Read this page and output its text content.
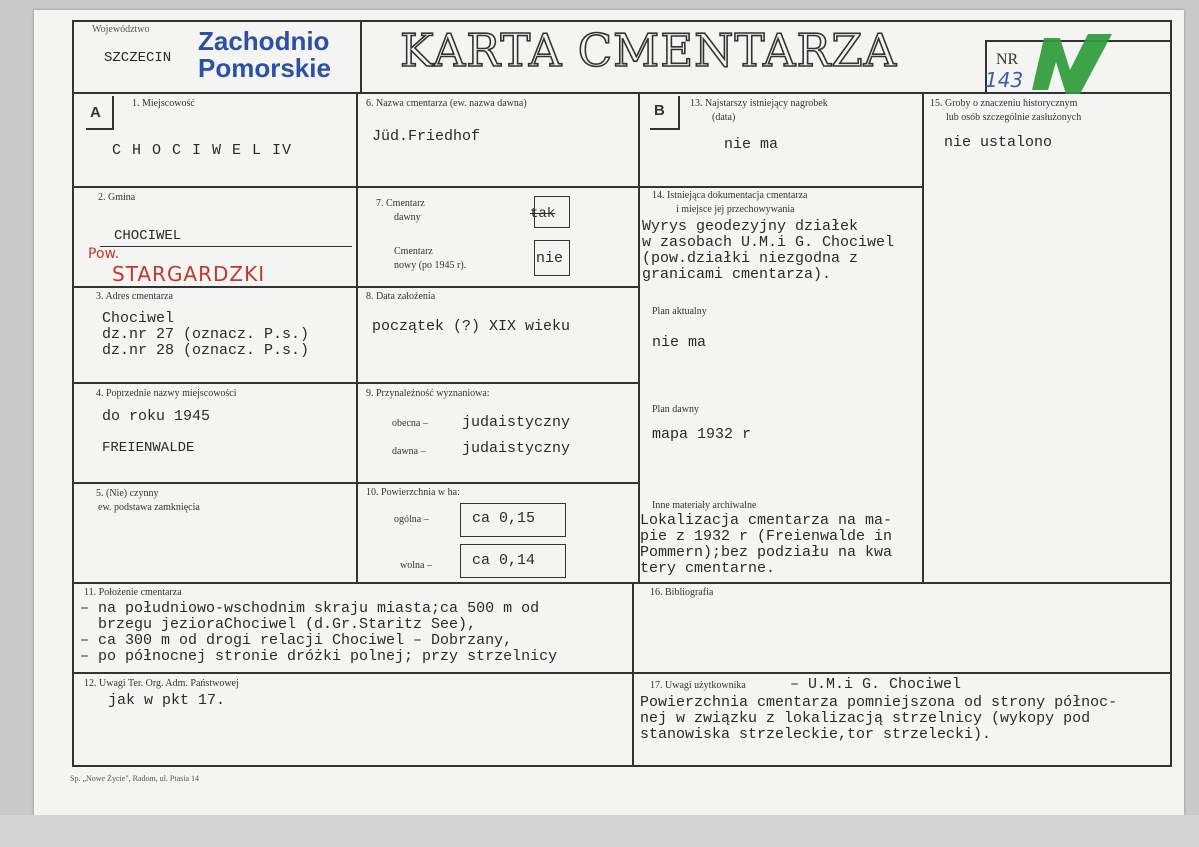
Województwo
SZCZECIN
Zachodnio
Pomorskie KARTA CMENTARZA	NR
143
A	B
1. Miejscowość
C H O C I W E L IV
2. Gmina
CHOCIWEL
Pow.
STARGARDZKI
3. Adres cmentarza
Chociwel
dz.nr 27 (oznacz. P.s.)
dz.nr 28 (oznacz. P.s.)
4. Poprzednie nazwy miejscowości
do roku 1945
FREIENWALDE
5. (Nie) czynny
ew. podstawa zamknięcia
6. Nazwa cmentarza (ew. nazwa dawna)
Jüd.Friedhof
7. Cmentarz
dawny	tak
Cmentarz
nowy (po 1945 r).	nie
8. Data założenia
początek (?) XIX wieku
9. Przynależność wyznaniowa:
obecna – judaistyczny
dawna – judaistyczny
10. Powierzchnia w ha:
ogólna –	ca 0,15
wolna –	ca 0,14
13. Najstarszy istniejący nagrobek
(data)
nie ma
14. Istniejąca dokumentacja cmentarza
i miejsce jej przechowywania
Wyrys geodezyjny działek
w zasobach U.M.i G. Chociwel
(pow.działki niezgodna z
granicami cmentarza).
Plan aktualny
nie ma
Plan dawny
mapa 1932 r
Inne materiały archiwalne
Lokalizacja cmentarza na ma-
pie z 1932 r (Freienwalde in
Pommern);bez podziału na kwa
tery cmentarne.
15. Groby o znaczeniu historycznym
lub osób szczególnie zasłużonych
nie ustalono
11. Położenie cmentarza
– na południowo-wschodnim skraju miasta;ca 500 m od
brzegu jezioraChociwel (d.Gr.Staritz See),
– ca 300 m od drogi relacji Chociwel – Dobrzany,
– po północnej stronie dróżki polnej; przy strzelnicy
16. Bibliografia
12. Uwagi Ter. Org. Adm. Państwowej
jak w pkt 17.
17. Uwagi użytkownika	– U.M.i G. Chociwel
Powierzchnia cmentarza pomniejszona od strony północ-
nej w związku z lokalizacją strzelnicy (wykopy pod
stanowiska strzeleckie,tor strzelecki).
Sp. „Nowe Życie", Radom, ul. Ptasia 14
